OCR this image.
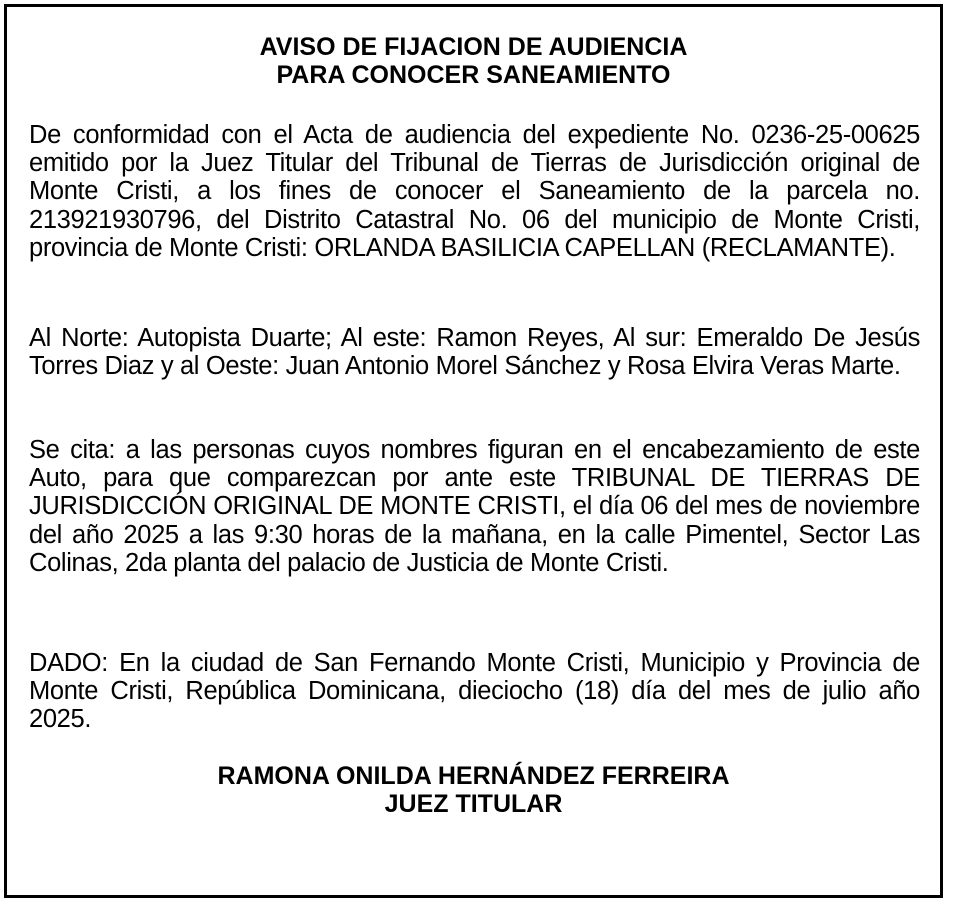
AVISO DE FIJACION DE AUDIENCIA
PARA CONOCER SANEAMIENTO

De conformidad con el Acta de audiencia del expediente No. 0236-25-00625 emitido por la Juez Titular del Tribunal de Tierras de Jurisdicción original de Monte Cristi, a los fines de conocer el Saneamiento de la parcela no. 213921930796, del Distrito Catastral No. 06 del municipio de Monte Cristi, provincia de Monte Cristi: ORLANDA BASILICIA CAPELLAN (RECLAMANTE).

Al Norte: Autopista Duarte; Al este: Ramon Reyes, Al sur: Emeraldo De Jesús Torres Diaz y al Oeste: Juan Antonio Morel Sánchez y Rosa Elvira Veras Marte.

Se cita: a las personas cuyos nombres figuran en el encabezamiento de este Auto, para que comparezcan por ante este TRIBUNAL DE TIERRAS DE JURISDICCIÓN ORIGINAL DE MONTE CRISTI, el día 06 del mes de noviembre del año 2025 a las 9:30 horas de la mañana, en la calle Pimentel, Sector Las Colinas, 2da planta del palacio de Justicia de Monte Cristi.

DADO: En la ciudad de San Fernando Monte Cristi, Municipio y Provincia de Monte Cristi, República Dominicana, dieciocho (18) día del mes de julio año 2025.

RAMONA ONILDA HERNÁNDEZ FERREIRA
JUEZ TITULAR
